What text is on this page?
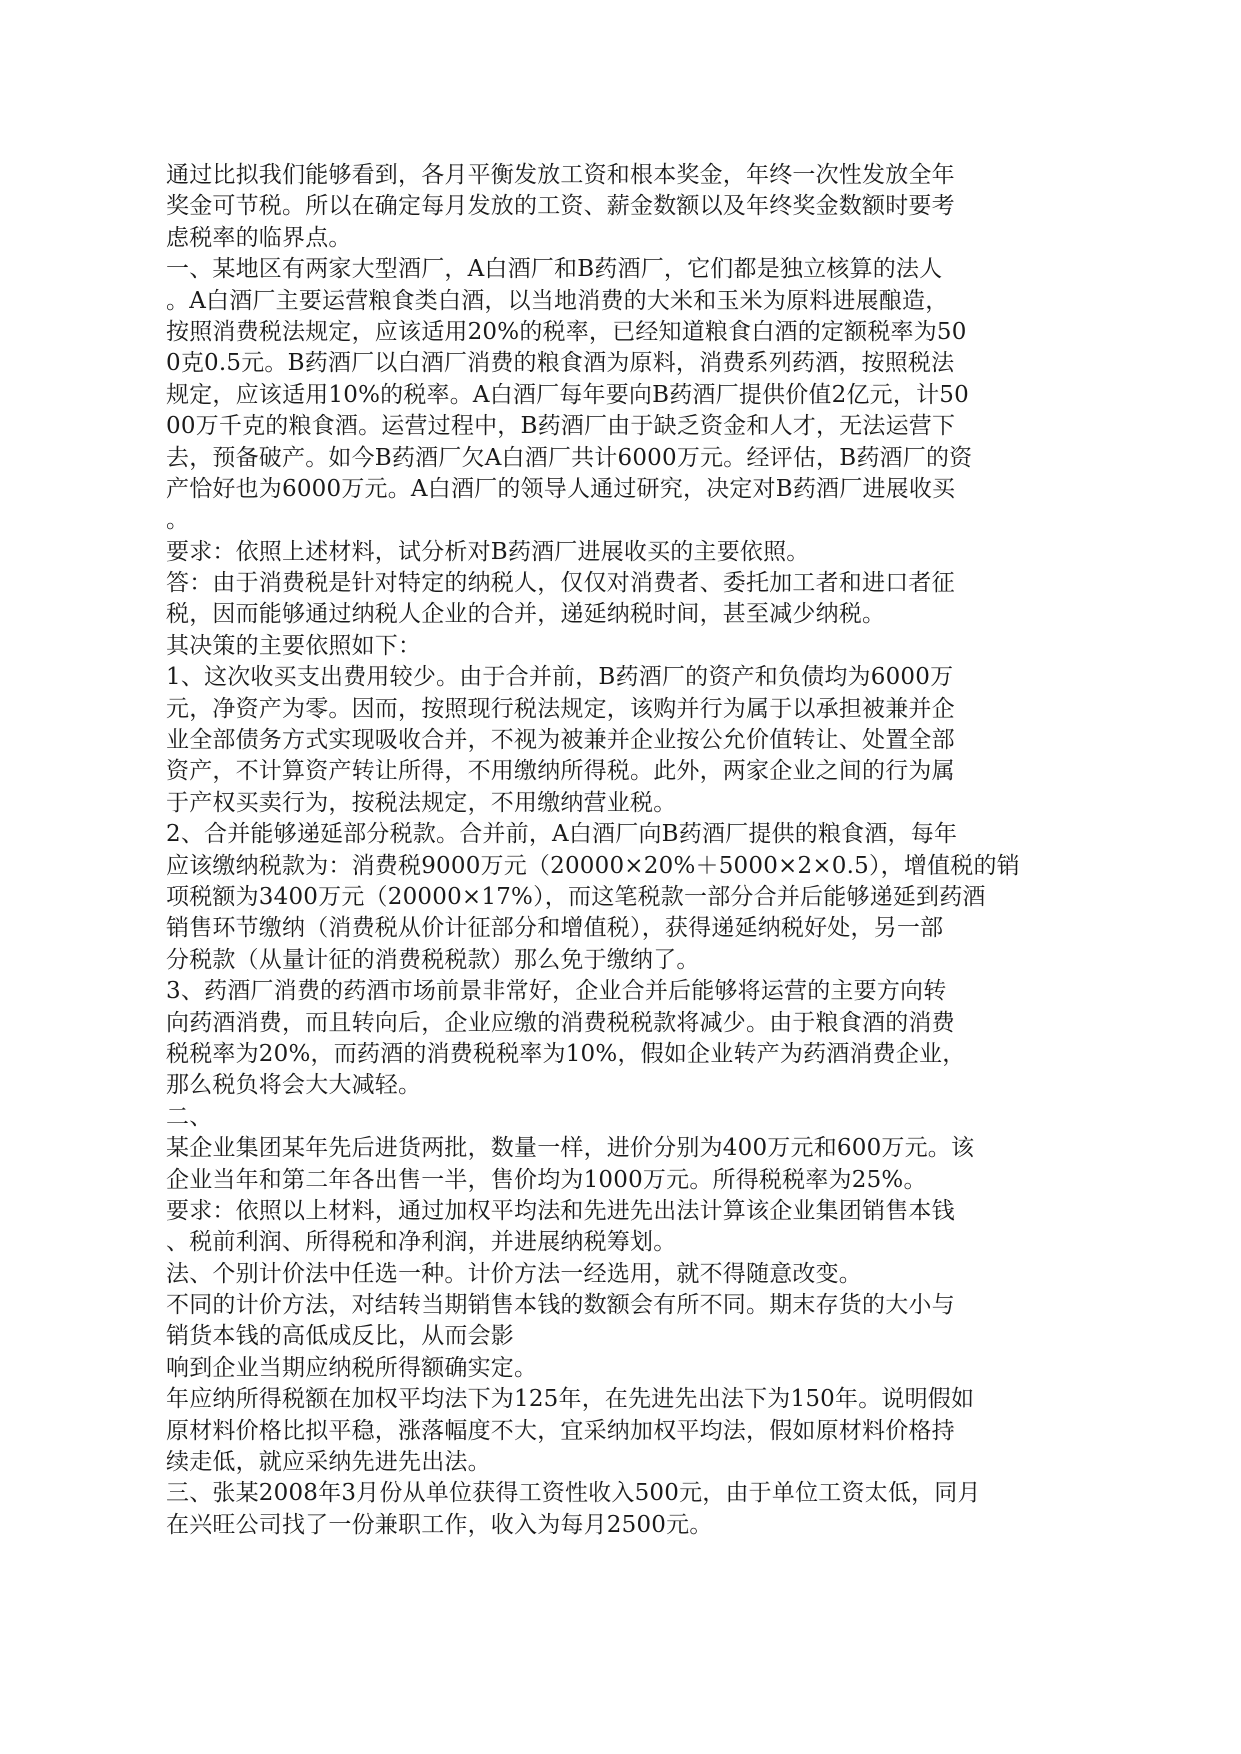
通过比拟我们能够看到，各月平衡发放工资和根本奖金，年终一次性发放全年
奖金可节税。所以在确定每月发放的工资、薪金数额以及年终奖金数额时要考
虑税率的临界点。
一、某地区有两家大型酒厂，A白酒厂和B药酒厂，它们都是独立核算的法人
。A白酒厂主要运营粮食类白酒，以当地消费的大米和玉米为原料进展酿造，
按照消费税法规定，应该适用20%的税率，已经知道粮食白酒的定额税率为50
0克0.5元。B药酒厂以白酒厂消费的粮食酒为原料，消费系列药酒，按照税法
规定，应该适用10%的税率。A白酒厂每年要向B药酒厂提供价值2亿元，计50
00万千克的粮食酒。运营过程中，B药酒厂由于缺乏资金和人才，无法运营下
去，预备破产。如今B药酒厂欠A白酒厂共计6000万元。经评估，B药酒厂的资
产恰好也为6000万元。A白酒厂的领导人通过研究，决定对B药酒厂进展收买
。
要求：依照上述材料，试分析对B药酒厂进展收买的主要依照。
答：由于消费税是针对特定的纳税人，仅仅对消费者、委托加工者和进口者征
税，因而能够通过纳税人企业的合并，递延纳税时间，甚至减少纳税。
其决策的主要依照如下：
1、这次收买支出费用较少。由于合并前，B药酒厂的资产和负债均为6000万
元，净资产为零。因而，按照现行税法规定，该购并行为属于以承担被兼并企
业全部债务方式实现吸收合并，不视为被兼并企业按公允价值转让、处置全部
资产，不计算资产转让所得，不用缴纳所得税。此外，两家企业之间的行为属
于产权买卖行为，按税法规定，不用缴纳营业税。
2、合并能够递延部分税款。合并前，A白酒厂向B药酒厂提供的粮食酒，每年
应该缴纳税款为：消费税9000万元（20000×20%＋5000×2×0.5），增值税的销
项税额为3400万元（20000×17%），而这笔税款一部分合并后能够递延到药酒
销售环节缴纳（消费税从价计征部分和增值税），获得递延纳税好处，另一部
分税款（从量计征的消费税税款）那么免于缴纳了。
3、药酒厂消费的药酒市场前景非常好，企业合并后能够将运营的主要方向转
向药酒消费，而且转向后，企业应缴的消费税税款将减少。由于粮食酒的消费
税税率为20%，而药酒的消费税税率为10%，假如企业转产为药酒消费企业，
那么税负将会大大减轻。
二、
某企业集团某年先后进货两批，数量一样，进价分别为400万元和600万元。该
企业当年和第二年各出售一半，售价均为1000万元。所得税税率为25%。
要求：依照以上材料，通过加权平均法和先进先出法计算该企业集团销售本钱
、税前利润、所得税和净利润，并进展纳税筹划。
法、个别计价法中任选一种。计价方法一经选用，就不得随意改变。
不同的计价方法，对结转当期销售本钱的数额会有所不同。期末存货的大小与
销货本钱的高低成反比，从而会影
响到企业当期应纳税所得额确实定。
年应纳所得税额在加权平均法下为125年，在先进先出法下为150年。说明假如
原材料价格比拟平稳，涨落幅度不大，宜采纳加权平均法，假如原材料价格持
续走低，就应采纳先进先出法。
三、张某2008年3月份从单位获得工资性收入500元，由于单位工资太低，同月
在兴旺公司找了一份兼职工作，收入为每月2500元。
